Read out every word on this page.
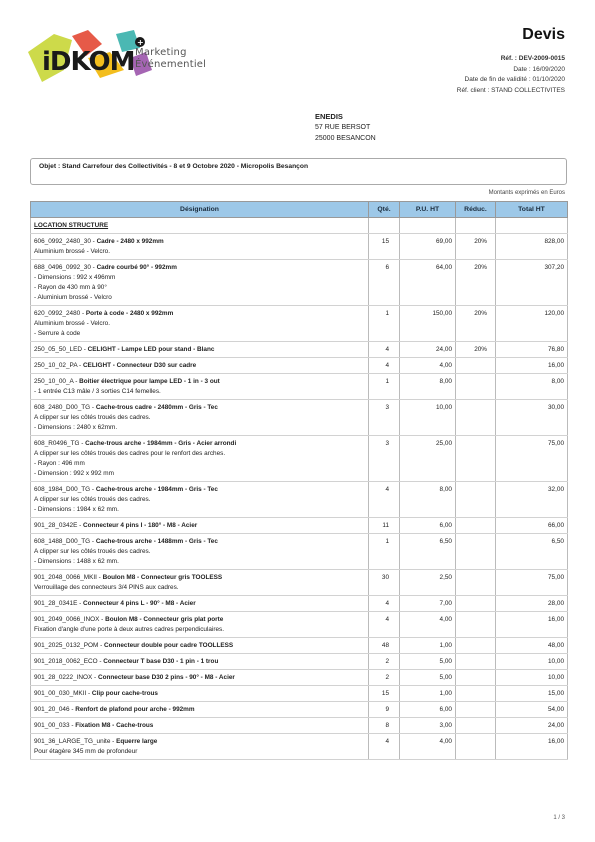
iDKOM
+
Marketing
Événementiel
Devis
Réf. : DEV-2009-0015
Date : 16/09/2020
Date de fin de validité : 01/10/2020
Réf. client : STAND COLLECTIVITES
ENEDIS
57 RUE BERSOT
25000 BESANCON
Objet : Stand Carrefour des Collectivités - 8 et 9 Octobre 2020 - Micropolis Besançon
Montants exprimés en Euros
Désignation	Qté.	P.U. HT	Réduc.	Total HT
LOCATION STRUCTURE				

606_0992_2480_30 - Cadre - 2480 x 992mm
Aluminium brossé - Velcro.	15	69,00	20%	828,00

688_0496_0992_30 - Cadre courbé 90° - 992mm
- Dimensions : 992 x 496mm
- Rayon de 430 mm à 90°
- Aluminium brossé - Velcro	6	64,00	20%	307,20

620_0992_2480 - Porte à code - 2480 x 992mm
Aluminium brossé - Velcro.
- Serrure à code	1	150,00	20%	120,00

250_05_50_LED - CELIGHT - Lampe LED pour stand - Blanc	4	24,00	20%	76,80

250_10_02_PA - CELIGHT - Connecteur D30 sur cadre	4	4,00		16,00

250_10_00_A - Boitier électrique pour lampe LED - 1 in - 3 out
- 1 entrée C13 mâle / 3 sorties C14 femelles.	1	8,00		8,00

608_2480_D00_TG - Cache-trous cadre - 2480mm - Gris - Tec
A clipper sur les côtés troués des cadres.
- Dimensions : 2480 x 62mm.	3	10,00		30,00

608_R0496_TG - Cache-trous arche - 1984mm - Gris - Acier arrondi
A clipper sur les côtés troués des cadres pour le renfort des arches.
- Rayon : 496 mm
- Dimension : 992 x 992 mm	3	25,00		75,00

608_1984_D00_TG - Cache-trous arche - 1984mm - Gris - Tec
A clipper sur les côtés troués des cadres.
- Dimensions : 1984 x 62 mm.	4	8,00		32,00

901_28_0342E - Connecteur 4 pins I - 180° - M8 - Acier	11	6,00		66,00

608_1488_D00_TG - Cache-trous arche - 1488mm - Gris - Tec
A clipper sur les côtés troués des cadres.
- Dimensions : 1488 x 62 mm.	1	6,50		6,50

901_2048_0066_MKII - Boulon M8 - Connecteur gris TOOLESS
Verrouillage des connecteurs 3/4 PINS aux cadres.	30	2,50		75,00

901_28_0341E - Connecteur 4 pins L - 90° - M8 - Acier	4	7,00		28,00

901_2049_0066_INOX - Boulon M8 - Connecteur gris plat porte
Fixation d'angle d'une porte à deux autres cadres perpendiculaires.	4	4,00		16,00

901_2025_0132_POM - Connecteur double pour cadre TOOLLESS	48	1,00		48,00

901_2018_0062_ECO - Connecteur T base D30 - 1 pin - 1 trou	2	5,00		10,00

901_28_0222_INOX - Connecteur base D30 2 pins - 90° - M8 - Acier	2	5,00		10,00

901_00_030_MKII - Clip pour cache-trous	15	1,00		15,00

901_20_046 - Renfort de plafond pour arche - 992mm	9	6,00		54,00

901_00_033 - Fixation M8 - Cache-trous	8	3,00		24,00

901_36_LARGE_TG_unite - Equerre large
Pour étagère 345 mm de profondeur	4	4,00		16,00
1 / 3
